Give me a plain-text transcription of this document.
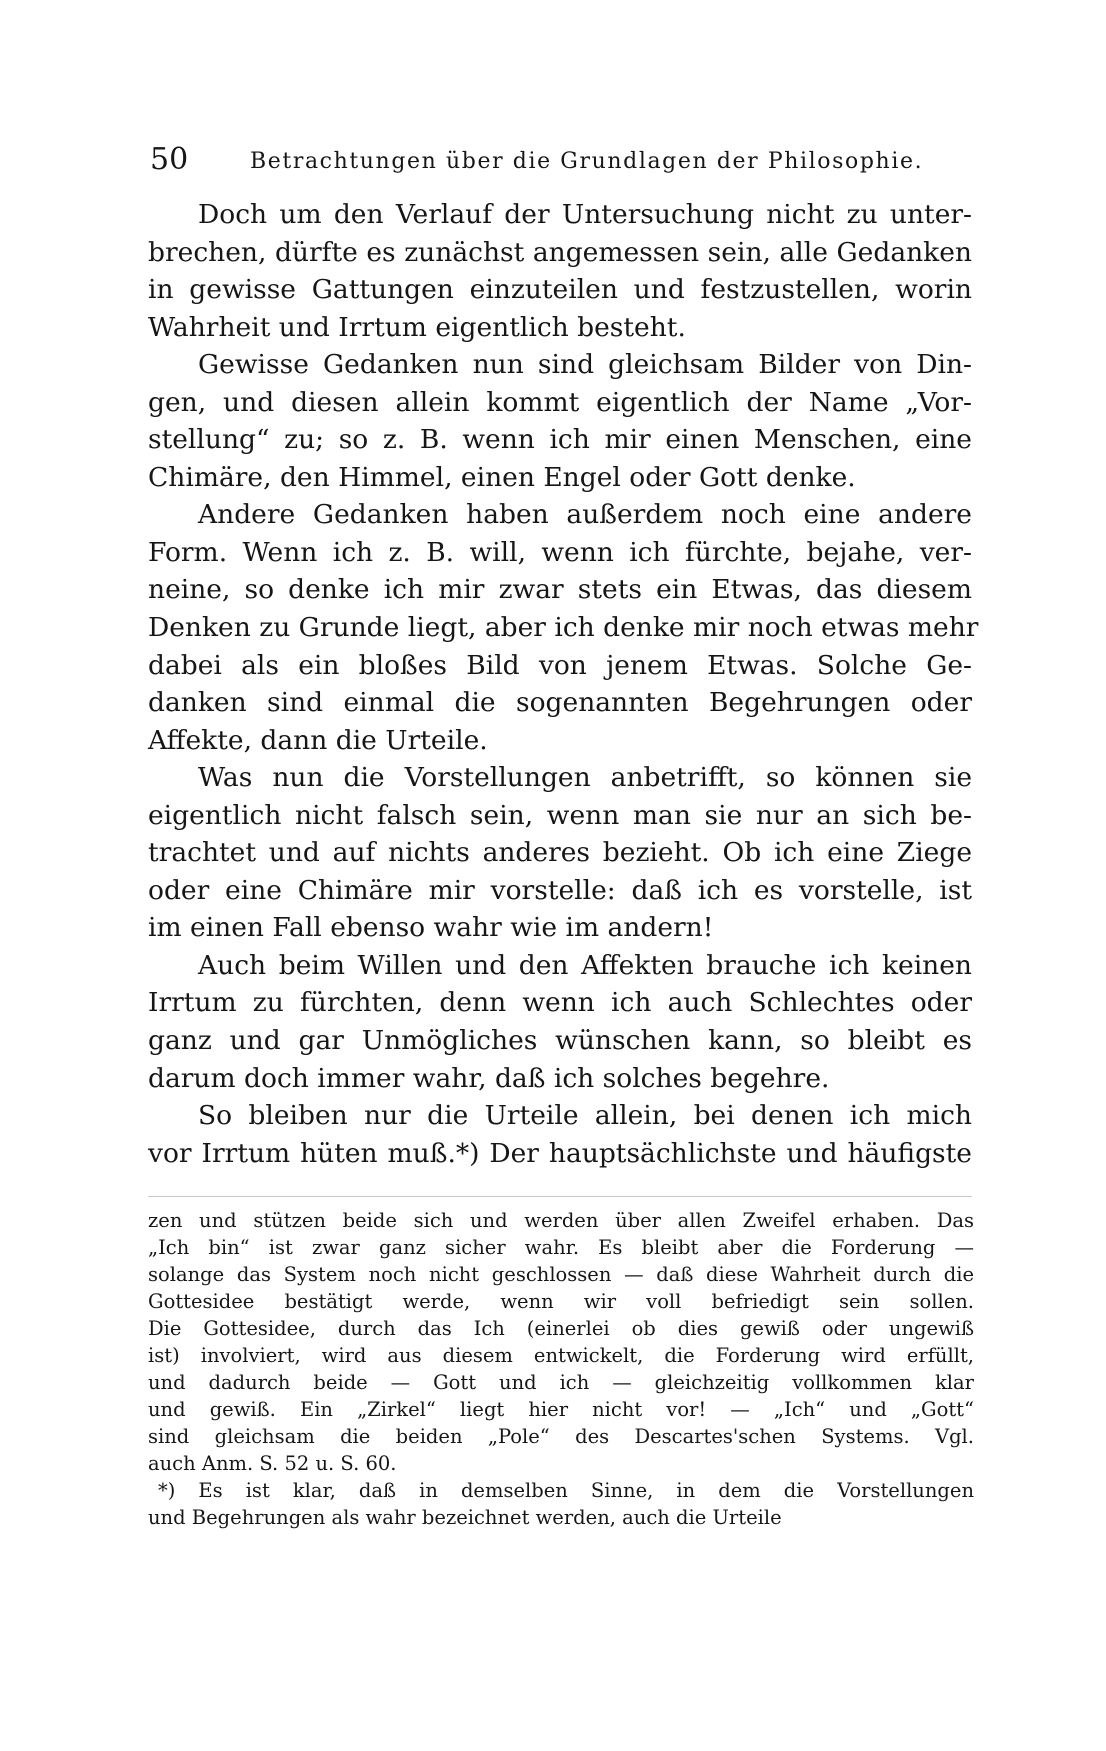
50	Betrachtungen über die Grundlagen der Philosophie.
Doch um den Verlauf der Untersuchung nicht zu unter-
brechen, dürfte es zunächst angemessen sein, alle Gedanken
in gewisse Gattungen einzuteilen und festzustellen, worin
Wahrheit und Irrtum eigentlich besteht.
Gewisse Gedanken nun sind gleichsam Bilder von Din-
gen, und diesen allein kommt eigentlich der Name „Vor-
stellung“ zu; so z. B. wenn ich mir einen Menschen, eine
Chimäre, den Himmel, einen Engel oder Gott denke.
Andere Gedanken haben außerdem noch eine andere
Form. Wenn ich z. B. will, wenn ich fürchte, bejahe, ver-
neine, so denke ich mir zwar stets ein Etwas, das diesem
Denken zu Grunde liegt, aber ich denke mir noch etwas mehr
dabei als ein bloßes Bild von jenem Etwas. Solche Ge-
danken sind einmal die sogenannten Begehrungen oder
Affekte, dann die Urteile.
Was nun die Vorstellungen anbetrifft, so können sie
eigentlich nicht falsch sein, wenn man sie nur an sich be-
trachtet und auf nichts anderes bezieht. Ob ich eine Ziege
oder eine Chimäre mir vorstelle: daß ich es vorstelle, ist
im einen Fall ebenso wahr wie im andern!
Auch beim Willen und den Affekten brauche ich keinen
Irrtum zu fürchten, denn wenn ich auch Schlechtes oder
ganz und gar Unmögliches wünschen kann, so bleibt es
darum doch immer wahr, daß ich solches begehre.
So bleiben nur die Urteile allein, bei denen ich mich
vor Irrtum hüten muß.*) Der hauptsächlichste und häufigste
zen und stützen beide sich und werden über allen Zweifel erhaben. Das
„Ich bin“ ist zwar ganz sicher wahr. Es bleibt aber die Forderung —
solange das System noch nicht geschlossen — daß diese Wahrheit durch die
Gottesidee bestätigt werde, wenn wir voll befriedigt sein sollen.
Die Gottesidee, durch das Ich (einerlei ob dies gewiß oder ungewiß
ist) involviert, wird aus diesem entwickelt, die Forderung wird erfüllt,
und dadurch beide — Gott und ich — gleichzeitig vollkommen klar
und gewiß. Ein „Zirkel“ liegt hier nicht vor! — „Ich“ und „Gott“
sind gleichsam die beiden „Pole“ des Descartes'schen Systems. Vgl.
auch Anm. S. 52 u. S. 60.
*) Es ist klar, daß in demselben Sinne, in dem die Vorstellungen
und Begehrungen als wahr bezeichnet werden, auch die Urteile
